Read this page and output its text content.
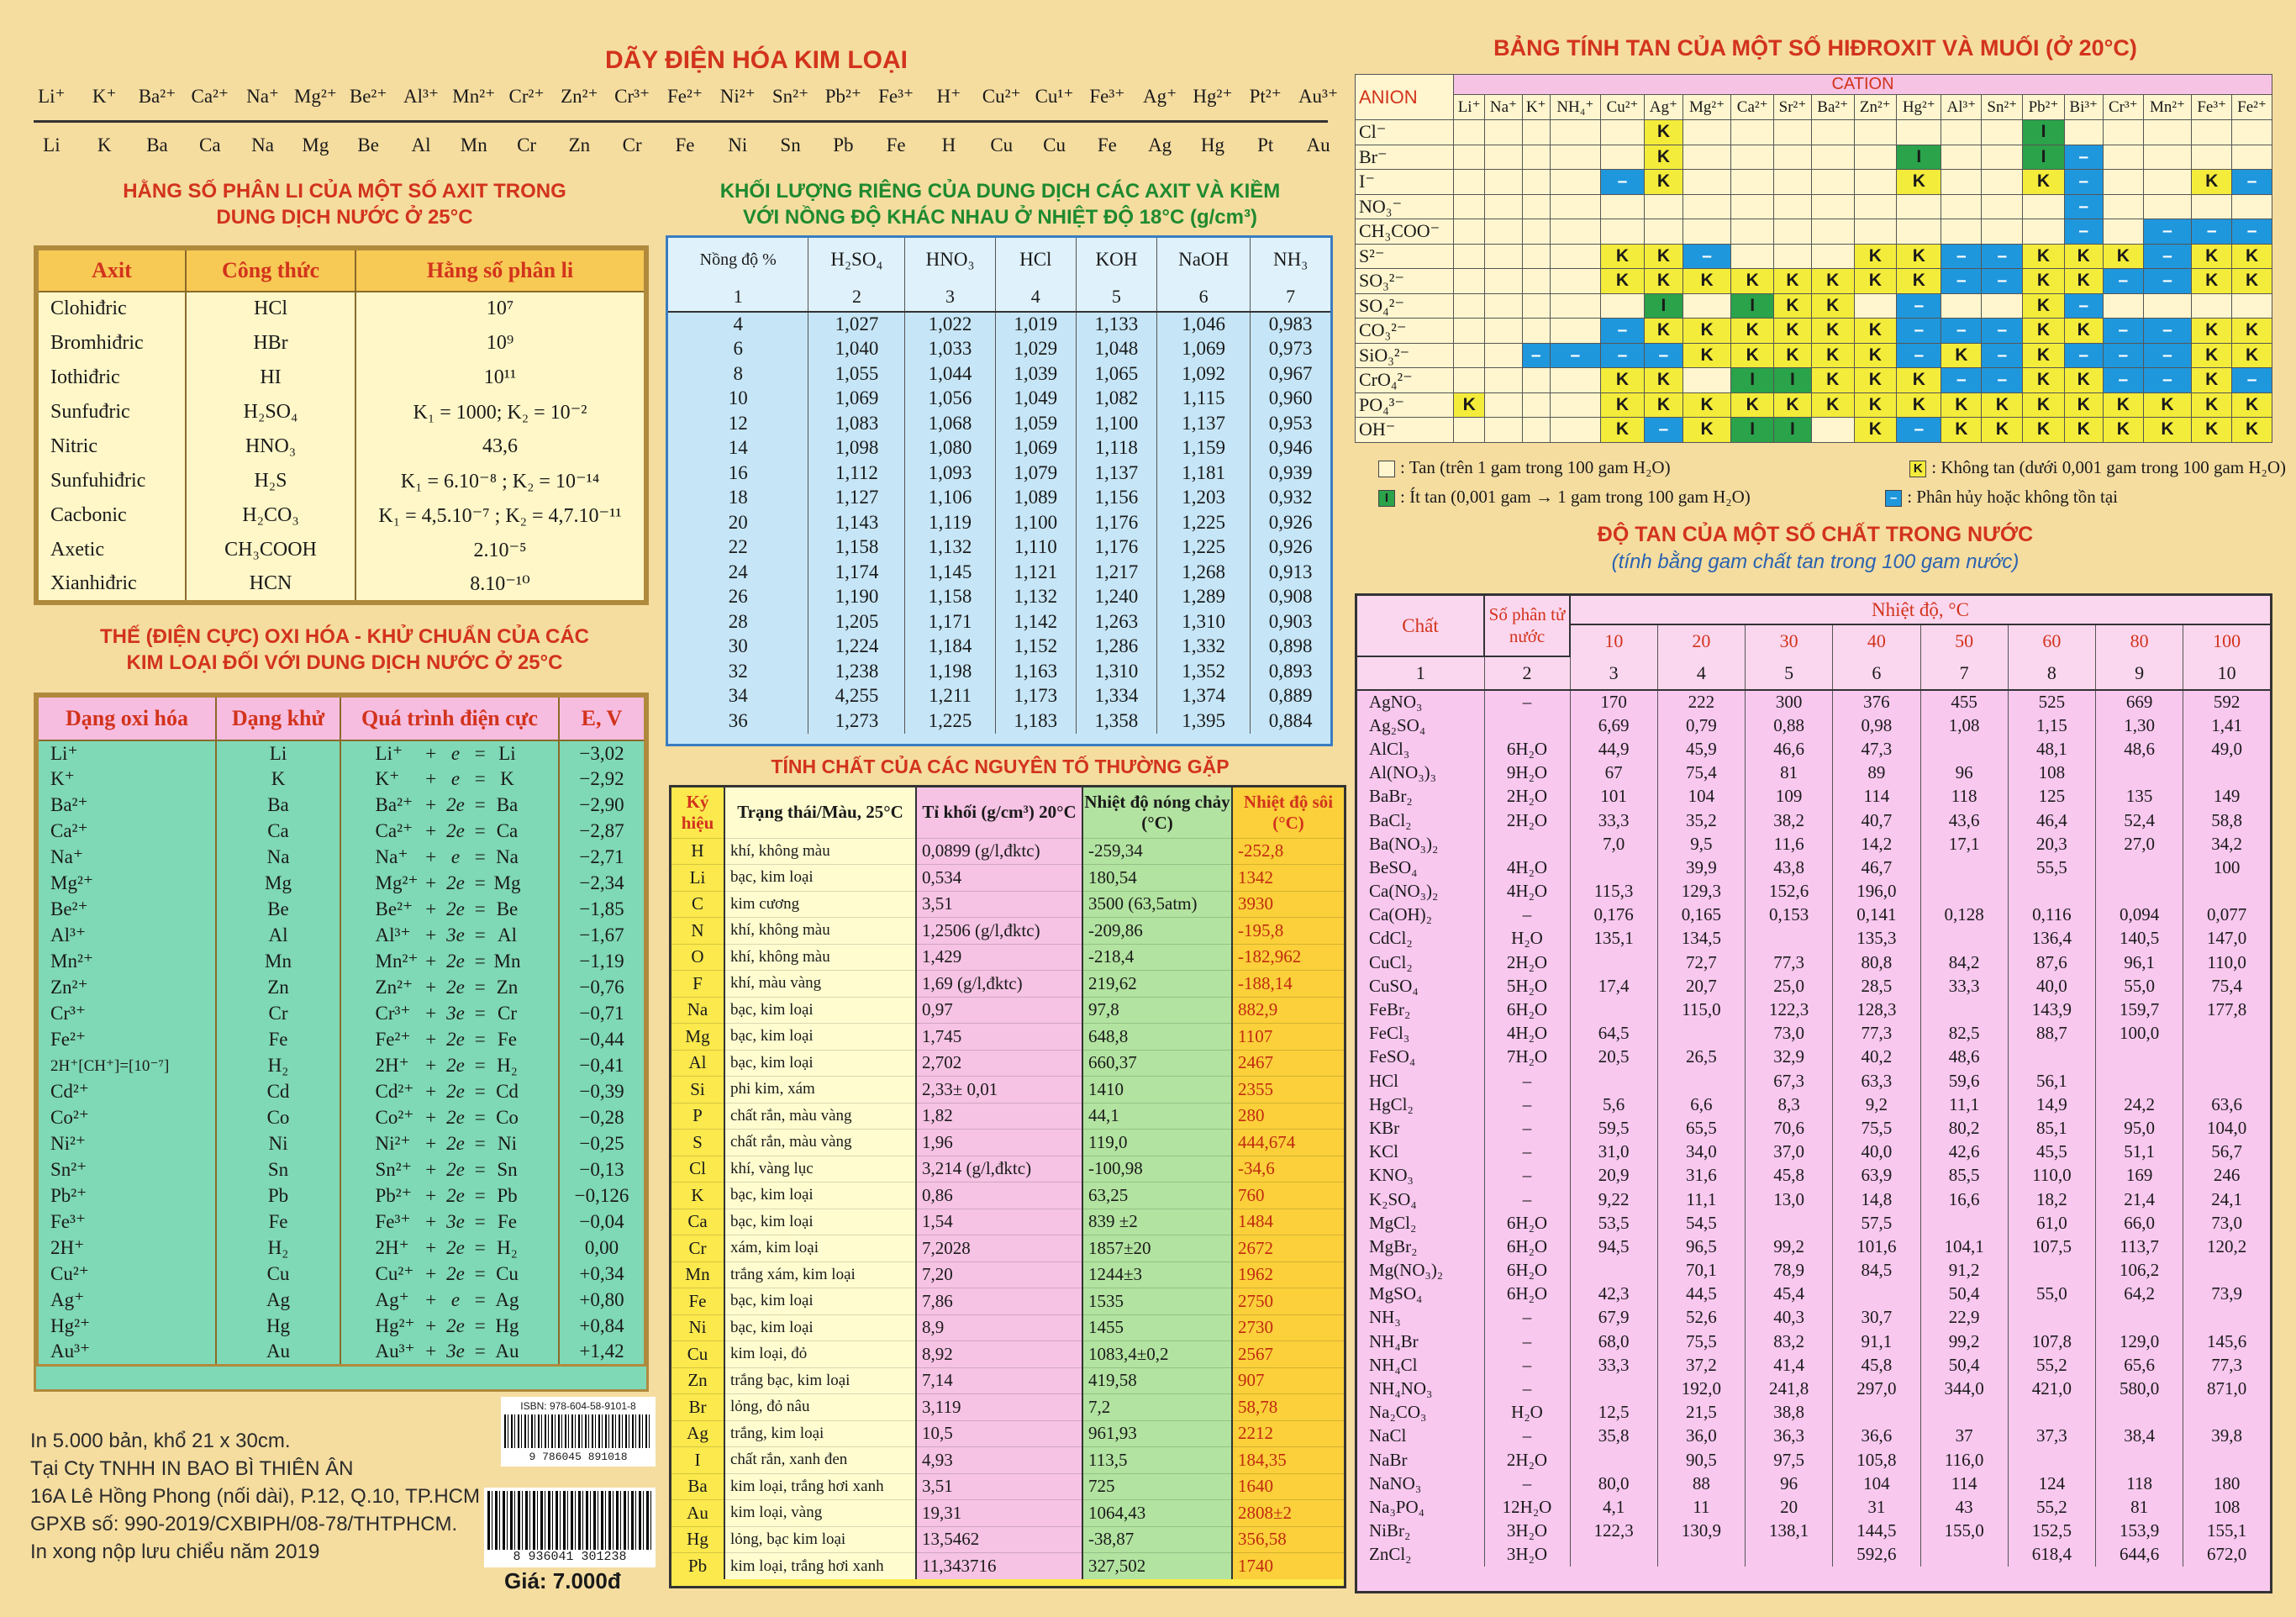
DÃY ĐIỆN HÓA KIM LOẠI
Li⁺	K⁺	Ba²⁺ Ca²⁺ Na⁺ Mg²⁺ Be²⁺ Al³⁺ Mn²⁺ Cr²⁺ Zn²⁺ Cr³⁺ Fe²⁺ Ni²⁺ Sn²⁺ Pb²⁺ Fe³⁺	H⁺	Cu²⁺ Cu¹⁺ Fe³⁺ Ag⁺ Hg²⁺ Pt²⁺ Au³⁺
Li	K	Ba	Ca	Na	Mg	Be	Al	Mn	Cr	Zn	Cr	Fe	Ni	Sn	Pb	Fe	H	Cu	Cu	Fe	Ag	Hg	Pt	Au
HẰNG SỐ PHÂN LI CỦA MỘT SỐ AXIT TRONG
DUNG DỊCH NƯỚC Ở 25°C
Axit	Công thức	Hằng số phân li
Clohiđric	HCl	10⁷
Bromhiđric	HBr	10⁹
Iothiđric	HI	10¹¹
Sunfuđric	H₂SO₄	K₁ = 1000; K₂ = 10⁻²
Nitric	HNO₃	43,6
Sunfuhiđric	H₂S	K₁ = 6.10⁻⁸ ; K₂ = 10⁻¹⁴
Cacbonic	H₂CO₃	K₁ = 4,5.10⁻⁷ ; K₂ = 4,7.10⁻¹¹
Axetic	CH₃COOH	2.10⁻⁵
Xianhiđric	HCN	8.10⁻¹⁰
THẾ (ĐIỆN CỰC) OXI HÓA - KHỬ CHUẨN CỦA CÁC
KIM LOẠI ĐỐI VỚI DUNG DỊCH NƯỚC Ở 25°C
Dạng oxi hóa	Dạng khử	Quá trình điện cực	E, V
Li⁺	Li	Li⁺ + e = Li	−3,02
K⁺	K	K⁺ + e = K	−2,92
Ba²⁺	Ba	Ba²⁺ + 2e = Ba	−2,90
Ca²⁺	Ca	Ca²⁺ + 2e = Ca	−2,87
Na⁺	Na	Na⁺ + e = Na	−2,71
Mg²⁺	Mg	Mg²⁺ + 2e = Mg	−2,34
Be²⁺	Be	Be²⁺ + 2e = Be	−1,85
Al³⁺	Al	Al³⁺ + 3e = Al	−1,67
Mn²⁺	Mn	Mn²⁺ + 2e = Mn	−1,19
Zn²⁺	Zn	Zn²⁺ + 2e = Zn	−0,76
Cr³⁺	Cr	Cr³⁺ + 3e = Cr	−0,71
Fe²⁺	Fe	Fe²⁺ + 2e = Fe	−0,44
2H⁺[CH⁺]=[10⁻⁷]	H₂	2H⁺ + 2e = H₂	−0,41
Cd²⁺	Cd	Cd²⁺ + 2e = Cd	−0,39
Co²⁺	Co	Co²⁺ + 2e = Co	−0,28
Ni²⁺	Ni	Ni²⁺ + 2e = Ni	−0,25
Sn²⁺	Sn	Sn²⁺ + 2e = Sn	−0,13
Pb²⁺	Pb	Pb²⁺ + 2e = Pb	−0,126
Fe³⁺	Fe	Fe³⁺ + 3e = Fe	−0,04
2H⁺	H₂	2H⁺ + 2e = H₂	0,00
Cu²⁺	Cu	Cu²⁺ + 2e = Cu	+0,34
Ag⁺	Ag	Ag⁺ + e = Ag	+0,80
Hg²⁺	Hg	Hg²⁺ + 2e = Hg	+0,84
Au³⁺	Au	Au³⁺ + 3e = Au	+1,42
KHỐI LƯỢNG RIÊNG CỦA DUNG DỊCH CÁC AXIT VÀ KIỀM
VỚI NỒNG ĐỘ KHÁC NHAU Ở NHIỆT ĐỘ 18°C (g/cm³)
Nồng độ %	H₂SO₄	HNO₃	HCl	KOH	NaOH	NH₃
1	2	3	4	5	6	7
4	1,027	1,022	1,019	1,133	1,046	0,983
6	1,040	1,033	1,029	1,048	1,069	0,973
8	1,055	1,044	1,039	1,065	1,092	0,967
10	1,069	1,056	1,049	1,082	1,115	0,960
12	1,083	1,068	1,059	1,100	1,137	0,953
14	1,098	1,080	1,069	1,118	1,159	0,946
16	1,112	1,093	1,079	1,137	1,181	0,939
18	1,127	1,106	1,089	1,156	1,203	0,932
20	1,143	1,119	1,100	1,176	1,225	0,926
22	1,158	1,132	1,110	1,176	1,225	0,926
24	1,174	1,145	1,121	1,217	1,268	0,913
26	1,190	1,158	1,132	1,240	1,289	0,908
28	1,205	1,171	1,142	1,263	1,310	0,903
30	1,224	1,184	1,152	1,286	1,332	0,898
32	1,238	1,198	1,163	1,310	1,352	0,893
34	4,255	1,211	1,173	1,334	1,374	0,889
36	1,273	1,225	1,183	1,358	1,395	0,884
TÍNH CHẤT CỦA CÁC NGUYÊN TỐ THƯỜNG GẶP
Ký hiệu	Trạng thái/Màu, 25°C	Tỉ khối (g/cm³) 20°C	Nhiệt độ nóng chảy (°C)	Nhiệt độ sôi (°C)
H	khí, không màu	0,0899 (g/l,đktc)	-259,34	-252,8
Li	bạc, kim loại	0,534	180,54	1342
C	kim cương	3,51	3500 (63,5atm)	3930
N	khí, không màu	1,2506 (g/l,đktc)	-209,86	-195,8
O	khí, không màu	1,429	-218,4	-182,962
F	khí, màu vàng	1,69 (g/l,đktc)	219,62	-188,14
Na	bạc, kim loại	0,97	97,8	882,9
Mg	bạc, kim loại	1,745	648,8	1107
Al	bạc, kim loại	2,702	660,37	2467
Si	phi kim, xám	2,33± 0,01	1410	2355
P	chất rắn, màu vàng	1,82	44,1	280
S	chất rắn, màu vàng	1,96	119,0	444,674
Cl	khí, vàng lục	3,214 (g/l,đktc)	-100,98	-34,6
K	bạc, kim loại	0,86	63,25	760
Ca	bạc, kim loại	1,54	839 ±2	1484
Cr	xám, kim loại	7,2028	1857±20	2672
Mn	trắng xám, kim loại	7,20	1244±3	1962
Fe	bạc, kim loại	7,86	1535	2750
Ni	bạc, kim loại	8,9	1455	2730
Cu	kim loại, đỏ	8,92	1083,4±0,2	2567
Zn	trắng bạc, kim loại	7,14	419,58	907
Br	lỏng, đỏ nâu	3,119	7,2	58,78
Ag	trắng, kim loại	10,5	961,93	2212
I	chất rắn, xanh đen	4,93	113,5	184,35
Ba	kim loại, trắng hơi xanh	3,51	725	1640
Au	kim loại, vàng	19,31	1064,43	2808±2
Hg	lỏng, bạc kim loại	13,5462	-38,87	356,58
Pb	kim loại, trắng hơi xanh	11,343716	327,502	1740
BẢNG TÍNH TAN CỦA MỘT SỐ HIĐROXIT VÀ MUỐI (Ở 20°C)
ANION	CATION																			
	Li⁺	Na⁺	K⁺	NH₄⁺	Cu²⁺	Ag⁺	Mg²⁺	Ca²⁺	Sr²⁺	Ba²⁺	Zn²⁺	Hg²⁺	Al³⁺	Sn²⁺	Pb²⁺	Bi³⁺	Cr³⁺	Mn²⁺	Fe³⁺	Fe²⁺
Cl⁻						K									I					
Br⁻						K						I			I	–				
I⁻					–	K						K			K	–			K	–
NO₃⁻																–				
CH₃COO⁻																–		–	–	–
S²⁻					K	K	–				K	K	–	–	K	K	K	–	K	K
SO₃²⁻					K	K	K	K	K	K	K	K	–	–	K	K	–	–	K	K
SO₄²⁻						I		I	K	K		–			K	–				
CO₃²⁻					–	K	K	K	K	K	K	–	–	–	K	K	–	–	K	K
SiO₃²⁻			–	–	–	–	K	K	K	K	K	–	K	–	K	–	–	–	K	K
CrO₄²⁻					K	K		I	I	K	K	K	–	–	K	K	–	–	K	–
PO₄³⁻	K				K	K	K	K	K	K	K	K	K	K	K	K	K	K	K	K
OH⁻					K	–	K	I	I		K	–	K	K	K	K	K	K	K	K
: Tan (trên 1 gam trong 100 gam H₂O)	K : Không tan (dưới 0,001 gam trong 100 gam H₂O)
I : Ít tan (0,001 gam → 1 gam trong 100 gam H₂O)	– : Phân hủy hoặc không tồn tại
ĐỘ TAN CỦA MỘT SỐ CHẤT TRONG NƯỚC
(tính bằng gam chất tan trong 100 gam nước)
Chất	Số phân tử nước	Nhiệt độ, °C							
		10	20	30	40	50	60	80	100
1	2	3	4	5	6	7	8	9	10
AgNO₃	–	170	222	300	376	455	525	669	592
Ag₂SO₄		6,69	0,79	0,88	0,98	1,08	1,15	1,30	1,41
AlCl₃	6H₂O	44,9	45,9	46,6	47,3		48,1	48,6	49,0
Al(NO₃)₃	9H₂O	67	75,4	81	89	96	108		
BaBr₂	2H₂O	101	104	109	114	118	125	135	149
BaCl₂	2H₂O	33,3	35,2	38,2	40,7	43,6	46,4	52,4	58,8
Ba(NO₃)₂		7,0	9,5	11,6	14,2	17,1	20,3	27,0	34,2
BeSO₄	4H₂O		39,9	43,8	46,7		55,5		100
Ca(NO₃)₂	4H₂O	115,3	129,3	152,6	196,0				
Ca(OH)₂	–	0,176	0,165	0,153	0,141	0,128	0,116	0,094	0,077
CdCl₂	H₂O	135,1	134,5		135,3		136,4	140,5	147,0
CuCl₂	2H₂O		72,7	77,3	80,8	84,2	87,6	96,1	110,0
CuSO₄	5H₂O	17,4	20,7	25,0	28,5	33,3	40,0	55,0	75,4
FeBr₂	6H₂O		115,0	122,3	128,3		143,9	159,7	177,8
FeCl₃	4H₂O	64,5		73,0	77,3	82,5	88,7	100,0	
FeSO₄	7H₂O	20,5	26,5	32,9	40,2	48,6			
HCl	–			67,3	63,3	59,6	56,1		
HgCl₂	–	5,6	6,6	8,3	9,2	11,1	14,9	24,2	63,6
KBr	–	59,5	65,5	70,6	75,5	80,2	85,1	95,0	104,0
KCl	–	31,0	34,0	37,0	40,0	42,6	45,5	51,1	56,7
KNO₃	–	20,9	31,6	45,8	63,9	85,5	110,0	169	246
K₂SO₄	–	9,22	11,1	13,0	14,8	16,6	18,2	21,4	24,1
MgCl₂	6H₂O	53,5	54,5		57,5		61,0	66,0	73,0
MgBr₂	6H₂O	94,5	96,5	99,2	101,6	104,1	107,5	113,7	120,2
Mg(NO₃)₂	6H₂O		70,1	78,9	84,5	91,2		106,2	
MgSO₄	6H₂O	42,3	44,5	45,4		50,4	55,0	64,2	73,9
NH₃	–	67,9	52,6	40,3	30,7	22,9			
NH₄Br	–	68,0	75,5	83,2	91,1	99,2	107,8	129,0	145,6
NH₄Cl	–	33,3	37,2	41,4	45,8	50,4	55,2	65,6	77,3
NH₄NO₃	–		192,0	241,8	297,0	344,0	421,0	580,0	871,0
Na₂CO₃	H₂O	12,5	21,5	38,8					
NaCl	–	35,8	36,0	36,3	36,6	37	37,3	38,4	39,8
NaBr	2H₂O		90,5	97,5	105,8	116,0			
NaNO₃	–	80,0	88	96	104	114	124	118	180
Na₃PO₄	12H₂O	4,1	11	20	31	43	55,2	81	108
NiBr₂	3H₂O	122,3	130,9	138,1	144,5	155,0	152,5	153,9	155,1
ZnCl₂	3H₂O				592,6		618,4	644,6	672,0
In 5.000 bản, khổ 21 x 30cm.
Tại Cty TNHH IN BAO BÌ THIÊN ÂN
16A Lê Hồng Phong (nối dài), P.12, Q.10, TP.HCM
GPXB số: 990-2019/CXBIPH/08-78/THTPHCM.
In xong nộp lưu chiểu năm 2019
ISBN: 978-604-58-9101-8
9 786045 891018
8 936041 301238
Giá: 7.000đ
